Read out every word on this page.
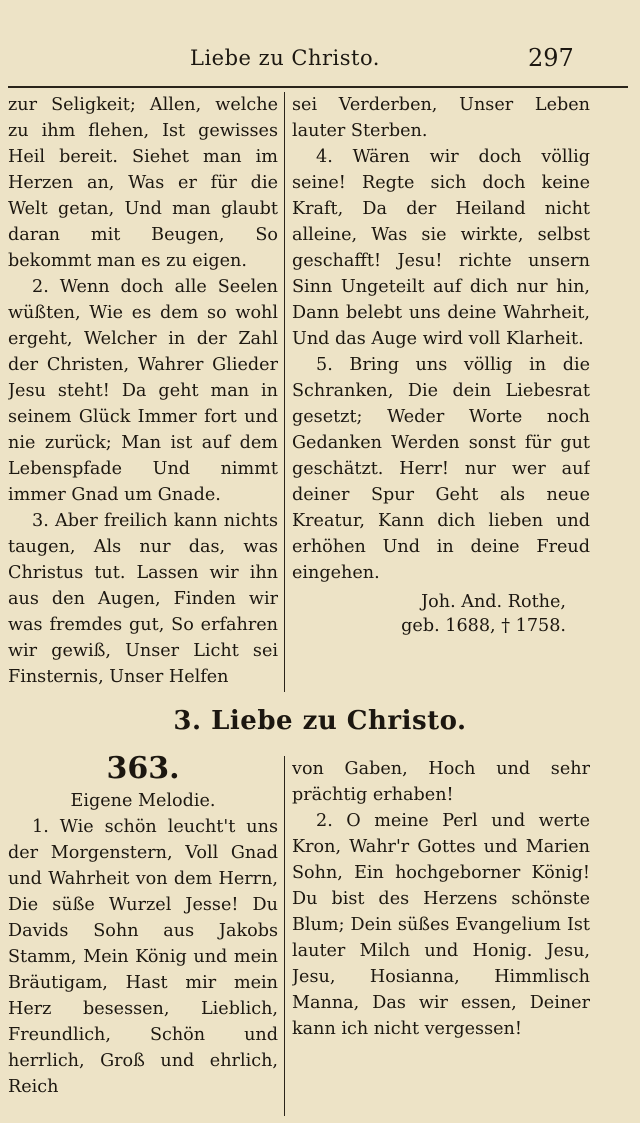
Liebe zu Christo.	297

zur Seligkeit; Allen, welche zu ihm flehen, Ist gewisses Heil bereit. Siehet man im Herzen an, Was er für die Welt getan, Und man glaubt daran mit Beugen, So bekommt man es zu eigen.

2. Wenn doch alle Seelen wüßten, Wie es dem so wohl ergeht, Welcher in der Zahl der Christen, Wahrer Glieder Jesu steht! Da geht man in seinem Glück Immer fort und nie zurück; Man ist auf dem Lebenspfade Und nimmt immer Gnad um Gnade.

3. Aber freilich kann nichts taugen, Als nur das, was Christus tut. Lassen wir ihn aus den Augen, Finden wir was fremdes gut, So erfahren wir gewiß, Unser Licht sei Finsternis, Unser Helfen

sei Verderben, Unser Leben lauter Sterben.

4. Wären wir doch völlig seine! Regte sich doch keine Kraft, Da der Heiland nicht alleine, Was sie wirkte, selbst geschafft! Jesu! richte unsern Sinn Ungeteilt auf dich nur hin, Dann belebt uns deine Wahrheit, Und das Auge wird voll Klarheit.

5. Bring uns völlig in die Schranken, Die dein Liebesrat gesetzt; Weder Worte noch Gedanken Werden sonst für gut geschätzt. Herr! nur wer auf deiner Spur Geht als neue Kreatur, Kann dich lieben und erhöhen Und in deine Freud eingehen.

Joh. And. Rothe,
geb. 1688, † 1758.
3. Liebe zu Christo.
363.
Eigene Melodie.

1. Wie schön leucht't uns der Morgenstern, Voll Gnad und Wahrheit von dem Herrn, Die süße Wurzel Jesse! Du Davids Sohn aus Jakobs Stamm, Mein König und mein Bräutigam, Hast mir mein Herz besessen, Lieblich, Freundlich, Schön und herrlich, Groß und ehrlich, Reich

von Gaben, Hoch und sehr prächtig erhaben!

2. O meine Perl und werte Kron, Wahr'r Gottes und Marien Sohn, Ein hochgeborner König! Du bist des Herzens schönste Blum; Dein süßes Evangelium Ist lauter Milch und Honig. Jesu, Jesu, Hosianna, Himmlisch Manna, Das wir essen, Deiner kann ich nicht vergessen!
